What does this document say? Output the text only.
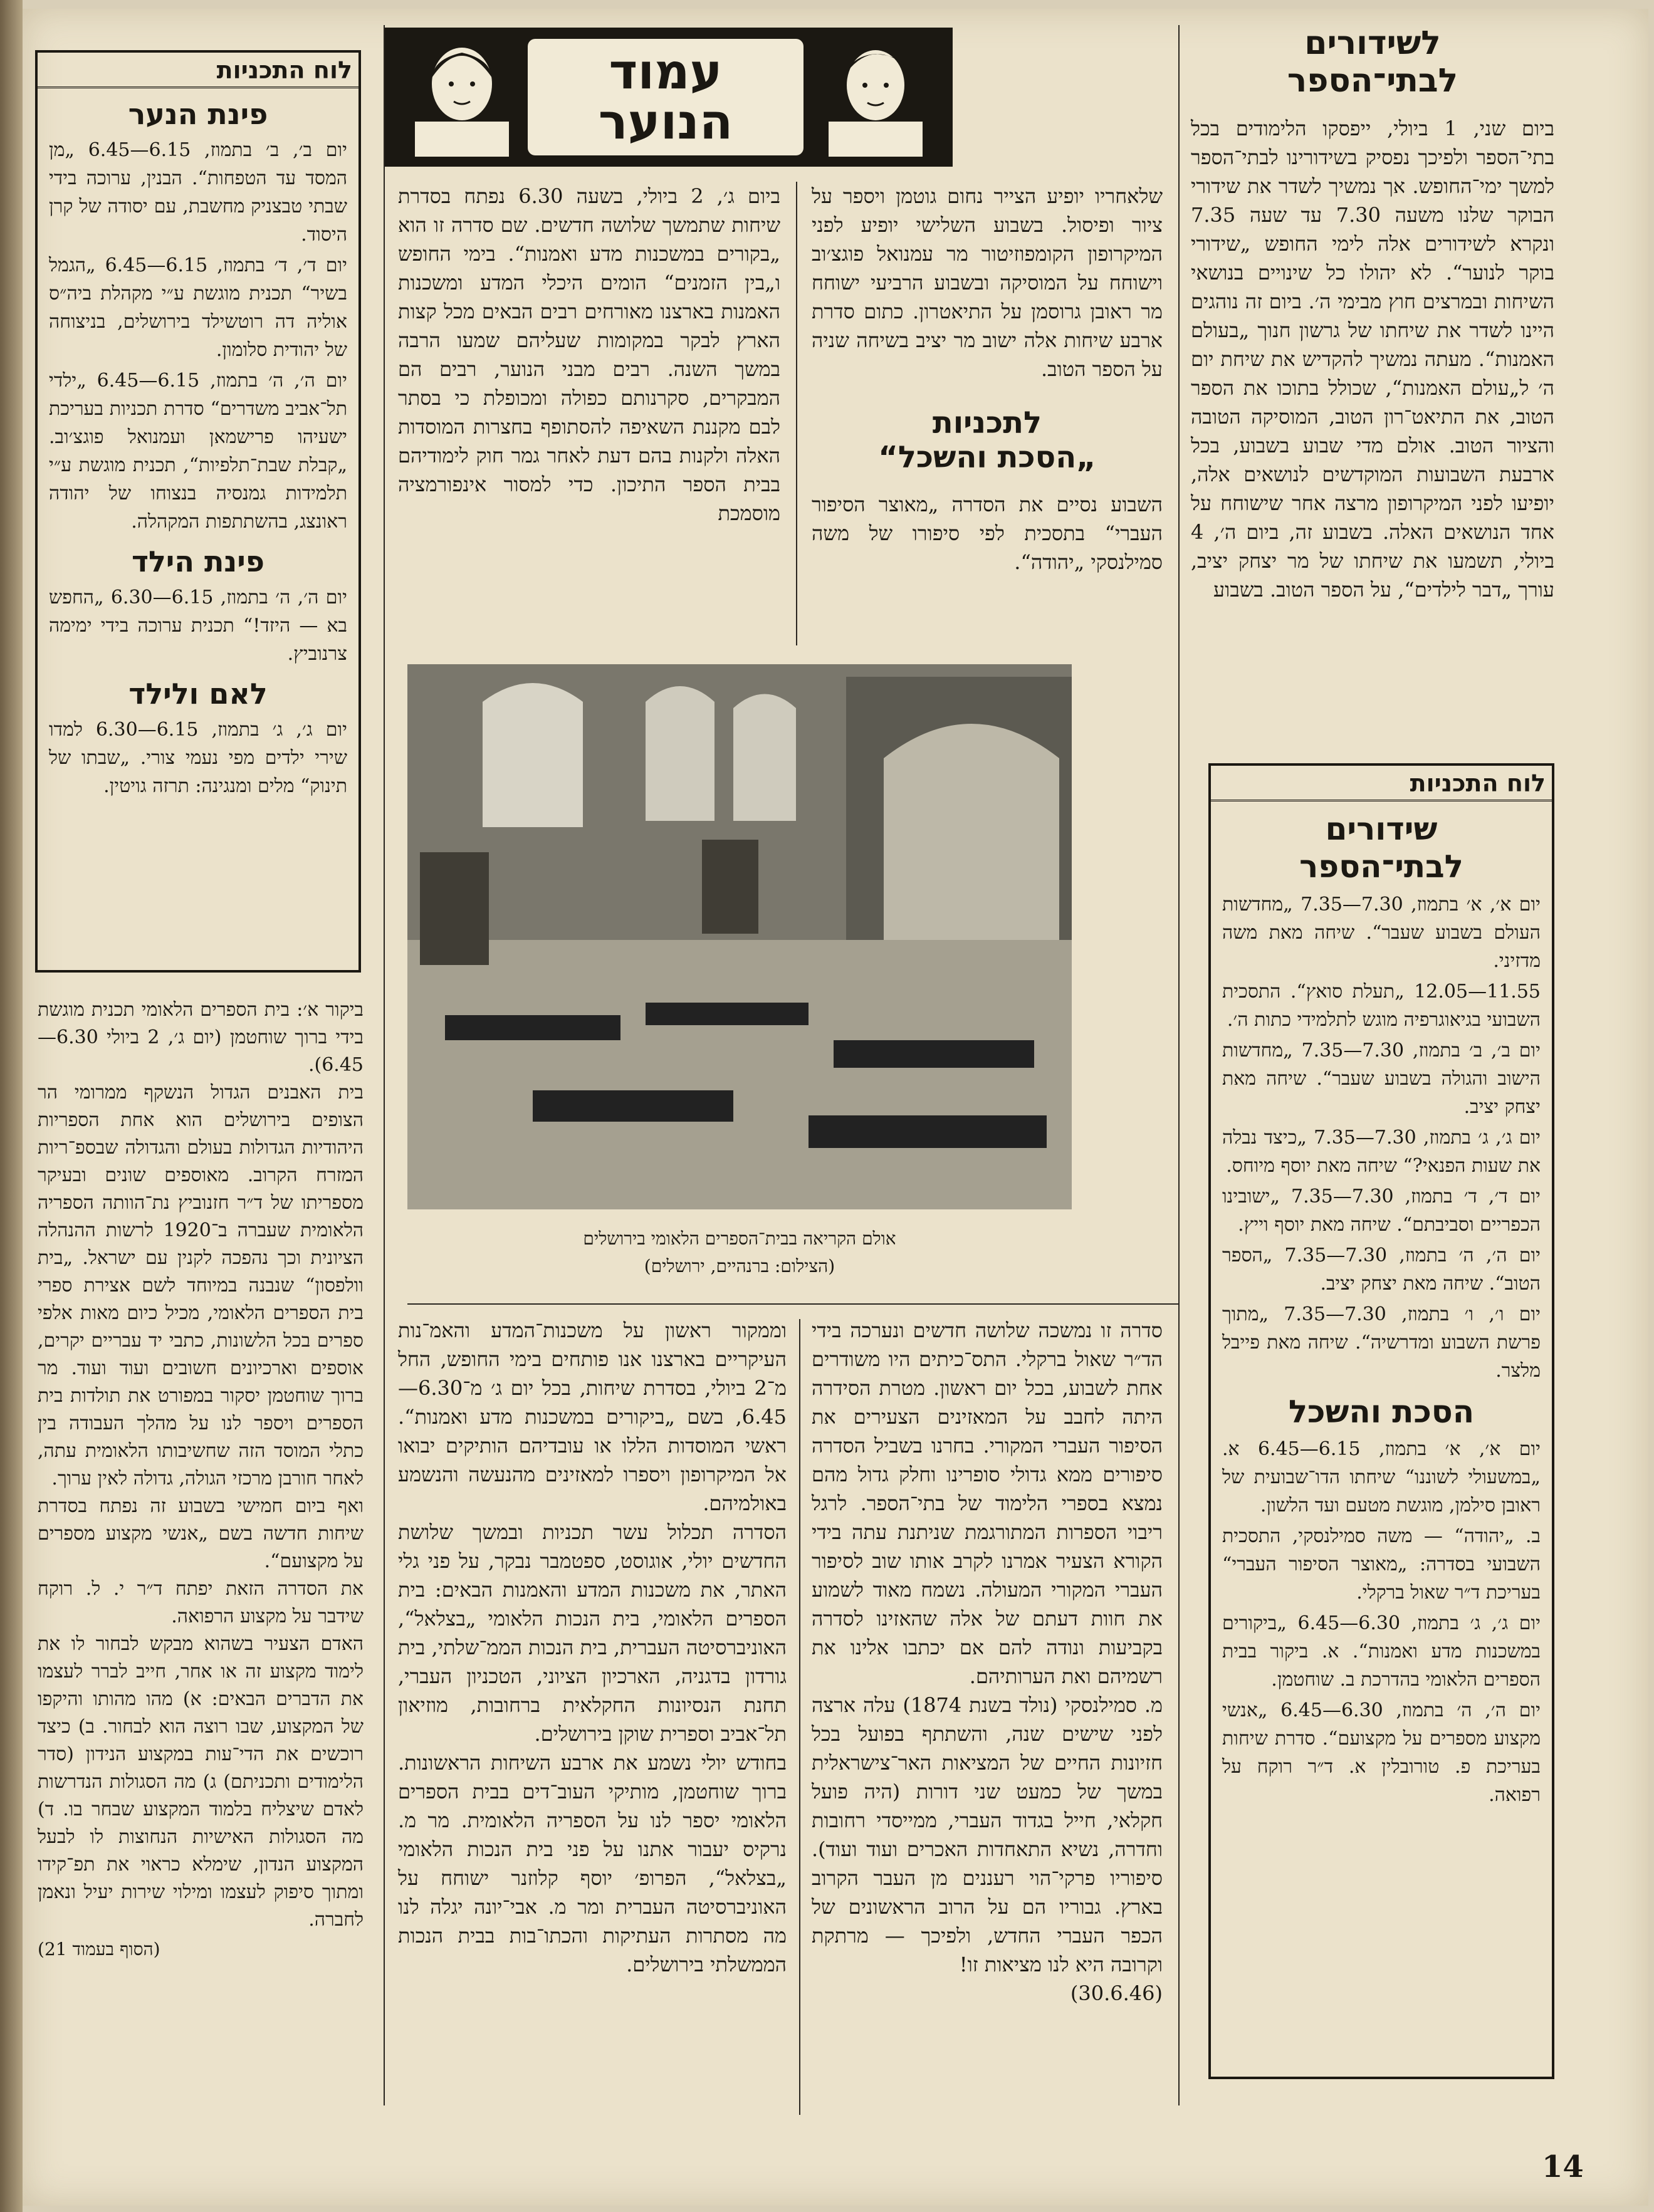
עמוד
הנוער
לשידורים
לבתי־הספר

ביום שני, 1 ביולי, ייפסקו הלימודים בכל בתי־הספר ולפיכך נפסיק בשידורינו לבתי־הספר למשך ימי־החופש. אך נמשיך לשדר את שידורי הבוקר שלנו משעה 7.30 עד שעה 7.35 ונקרא לשידורים אלה לימי החופש „שידורי בוקר לנוער“. לא יהולו כל שינויים בנושאי השיחות ובמרצים חוץ מבימי ה׳. ביום זה נוהגים היינו לשדר את שיחתו של גרשון חנוך „בעולם האמנות“. מעתה נמשיך להקדיש את שיחת יום ה׳ ל„עולם האמנות“, שכולל בתוכו את הספר הטוב, את התיאט־רון הטוב, המוסיקה הטובה והציור הטוב. אולם מדי שבוע בשבוע, בכל ארבעת השבועות המוקדשים לנושאים אלה, יופיעו לפני המיקרופון מרצה אחר שישוחח על אחד הנושאים האלה. בשבוע זה, ביום ה׳, 4 ביולי, תשמעו את שיחתו של מר יצחק יציב, עורך „דבר לילדים“, על הספר הטוב. בשבוע

לוח התכניות
שידורים
לבתי־הספר
יום א׳, א׳ בתמוז, 7.30—7.35 „מחדשות העולם בשבוע שעבר“. שיחה מאת משה מדזיני.
11.55—12.05 „תעלת סואץ“. התסכית השבועי בגיאוגרפיה מוגש לתלמידי כתות ה׳.
יום ב׳, ב׳ בתמוז, 7.30—7.35 „מחדשות הישוב והגולה בשבוע שעבר“. שיחה מאת יצחק יציב.
יום ג׳, ג׳ בתמוז, 7.30—7.35 „כיצד נבלה את שעות הפנאי?“ שיחה מאת יוסף מיוחס.
יום ד׳, ד׳ בתמוז, 7.30—7.35 „ישובינו הכפריים וסביבתם“. שיחה מאת יוסף וייץ.
יום ה׳, ה׳ בתמוז, 7.30—7.35 „הספר הטוב“. שיחה מאת יצחק יציב.
יום ו׳, ו׳ בתמוז, 7.30—7.35 „מתוך פרשת השבוע ומדרשיה“. שיחה מאת פייבל מלצר.
הסכת והשכל
יום א׳, א׳ בתמוז, 6.15—6.45 א. „במשעולי לשוננו“ שיחתו הדו־שבועית של ראובן סילמן, מוגשת מטעם ועד הלשון.
ב. „יהודה“ — משה סמילנסקי, התסכית השבועי בסדרה: „מאוצר הסיפור העברי“ בעריכת ד״ר שאול ברקלי.
יום ג׳, ג׳ בתמוז, 6.30—6.45 „ביקורים במשכנות מדע ואמנות“. א. ביקור בבית הספרים הלאומי בהדרכת ב. שוחטמן.
יום ה׳, ה׳ בתמוז, 6.30—6.45 „אנשי מקצוע מספרים על מקצועם“. סדרת שיחות בעריכת פ. טורובלין א. ד״ר רוקח על רפואה.
שלאחריו יופיע הצייר נחום גוטמן ויספר על ציור ופיסול. בשבוע השלישי יופיע לפני המיקרופון הקומפוזיטור מר עמנואל פוגצ׳וב וישוחח על המוסיקה ובשבוע הרביעי ישוחח מר ראובן גרוסמן על התיאטרון. כתום סדרת ארבע שיחות אלה ישוב מר יציב בשיחה שניה על הספר הטוב.
לתכניות
„הסכת והשכל“
השבוע נסיים את הסדרה „מאוצר הסיפור העברי“ בתסכית לפי סיפורו של משה סמילנסקי „יהודה“.
ביום ג׳, 2 ביולי, בשעה 6.30 נפתח בסדרת שיחות שתמשך שלושה חדשים. שם סדרה זו הוא „בקורים במשכנות מדע ואמנות“. בימי החופש ו„בין הזמנים“ הומים היכלי המדע ומשכנות האמנות בארצנו מאורחים רבים הבאים מכל קצות הארץ לבקר במקומות שעליהם שמעו הרבה במשך השנה. רבים מבני הנוער, רבים הם המבקרים, סקרנותם כפולה ומכופלת כי בסתר לבם מקננת השאיפה להסתופף בחצרות המוסדות האלה ולקנות בהם דעת לאחר גמר חוק לימודיהם בבית הספר התיכון. כדי למסור אינפורמציה מוסמכת
אולם הקריאה בבית־הספרים הלאומי בירושלים
(הצילום: ברנהיים, ירושלים)
סדרה זו נמשכה שלושה חדשים ונערכה בידי הד״ר שאול ברקלי. התס־כיתים היו משודרים אחת לשבוע, בכל יום ראשון. מטרת הסידרה היתה לחבב על המאזינים הצעירים את הסיפור העברי המקורי. בחרנו בשביל הסדרה סיפורים ממא גדולי סופרינו וחלק גדול מהם נמצא בספרי הלימוד של בתי־הספר. לרגל ריבוי הספרות המתורגמת שניתנת עתה בידי הקורא הצעיר אמרנו לקרב אותו שוב לסיפור העברי המקורי המעולה. נשמח מאוד לשמוע את חוות דעתם של אלה שהאזינו לסדרה בקביעות ונודה להם אם יכתבו אלינו את רשמיהם ואת הערותיהם.
מ. סמילנסקי (נולד בשנת 1874) עלה ארצה לפני שישים שנה, והשתתף בפועל בכל חזיונות החיים של המציאות האר־צישראלית במשך של כמעט שני דורות (היה פועל חקלאי, חייל בגדוד העברי, ממייסדי רחובות וחדרה, נשיא התאחדות האכרים ועוד ועוד). סיפוריו פרקי־הוי רעננים מן העבר הקרוב בארץ. גבוריו הם על הרוב הראשונים של הכפר העברי החדש, ולפיכך — מרתקת וקרובה היא לנו מציאות זו!
(30.6.46)
וממקור ראשון על משכנות־המדע והאמ־נות העיקריים בארצנו אנו פותחים בימי החופש, החל מ־2 ביולי, בסדרת שיחות, בכל יום ג׳ מ־6.30—6.45, בשם „ביקורים במשכנות מדע ואמנות“. ראשי המוסדות הללו או עובדיהם הותיקים יבואו אל המיקרופון ויספרו למאזינים מהנעשה והנשמע באולמיהם.
הסדרה תכלול עשר תכניות ובמשך שלושת החדשים יולי, אוגוסט, ספטמבר נבקר, על פני גלי האתר, את משכנות המדע והאמנות הבאים: בית הספרים הלאומי, בית הנכות הלאומי „בצלאל“, האוניברסיטה העברית, בית הנכות הממ־שלתי, בית גורדון בדגניה, הארכיון הציוני, הטכניון העברי, תחנת הנסיונות החקלאית ברחובות, מוזיאון תל־אביב וספרית שוקן בירושלים.
בחודש יולי נשמע את ארבע השיחות הראשונות. ברוך שוחטמן, מותיקי העוב־דים בבית הספרים הלאומי יספר לנו על הספריה הלאומית. מר מ. נרקיס יעבור אתנו על פני בית הנכות הלאומי „בצלאל“, הפרופ׳ יוסף קלוזנר ישוחח על האוניברסיטה העברית ומר מ. אבי־יונה יגלה לנו מה מסתרות העתיקות והכתו־בות בבית הנכות הממשלתי בירושלים.
לוח התכניות
פינת הנער
יום ב׳, ב׳ בתמוז, 6.15—6.45 „מן המסד עד הטפחות“. הבנין, ערוכה בידי שבתי טבצניק מחשבת, עם יסודה של קרן היסוד.
יום ד׳, ד׳ בתמוז, 6.15—6.45 „הגמל בשיר“ תכנית מוגשת ע״י מקהלת ביה״ס אוליה דה רוטשילד בירושלים, בניצוחה של יהודית סלומון.
יום ה׳, ה׳ בתמוז, 6.15—6.45 „ילדי תל־אביב משדרים“ סדרת תכניות בעריכת ישעיהו פרישמאן ועמנואל פוגצ׳וב. „קבלת שבת־תלפיות“, תכנית מוגשת ע״י תלמידות גמנסיה בנצוחו של יהודה ראונצג, בהשתתפות המקהלה.
פינת הילד
יום ה׳, ה׳ בתמוז, 6.15—6.30 „החפש בא — היזד!“ תכנית ערוכה בידי ימימה צרנוביץ.
לאם ולילד
יום ג׳, ג׳ בתמוז, 6.15—6.30 למדו שירי ילדים מפי נעמי צורי. „שבתו של תינוק“ מלים ומנגינה: תרזה גויטין.
ביקור א׳: בית הספרים הלאומי תכנית מוגשת בידי ברוך שוחטמן (יום ג׳, 2 ביולי 6.30—6.45).
בית האבנים הגדול הנשקף ממרומי הר הצופים בירושלים הוא אחת הספריות היהודיות הגדולות בעולם והגדולה שבספ־ריות המזרח הקרוב. מאוספים שונים ובעיקר מספריתו של ד״ר חזנוביץ נת־הוותה הספריה הלאומית שעברה ב־1920 לרשות ההנהלה הציונית וכך נהפכה לקנין עם ישראל. „בית וולפסון“ שנבנה במיוחד לשם אצירת ספרי בית הספרים הלאומי, מכיל כיום מאות אלפי ספרים בכל הלשונות, כתבי יד עבריים יקרים, אוספים וארכיונים חשובים ועוד ועוד. מר ברוך שוחטמן יסקור במפורט את תולדות בית הספרים ויספר לנו על מהלך העבודה בין כתלי המוסד הזה שחשיבותו הלאומית עתה, לאחר חורבן מרכזי הגולה, גדולה לאין ערוך.
ואף ביום חמישי בשבוע זה נפתח בסדרת שיחות חדשה בשם „אנשי מקצוע מספרים על מקצועם“.
את הסדרה הזאת יפתח ד״ר י. ל. רוקח שידבר על מקצוע הרפואה.
האדם הצעיר בשהוא מבקש לבחור לו את לימוד מקצוע זה או אחר, חייב לברר לעצמו את הדברים הבאים: א) מהו מהותו והיקפו של המקצוע, שבו רוצה הוא לבחור. ב) כיצד רוכשים את הדי־עות במקצוע הנידון (סדר הלימודים ותכניתם) ג) מה הסגולות הנדרשות לאדם שיצליח בלמוד המקצוע שבחר בו. ד) מה הסגולות האישיות הנחוצות לו לבעל המקצוע הנדון, שימלא כראוי את תפ־קידו ומתוך סיפוק לעצמו ומילוי שירות יעיל ונאמן לחברה.
(הסוף בעמוד 21)
14
